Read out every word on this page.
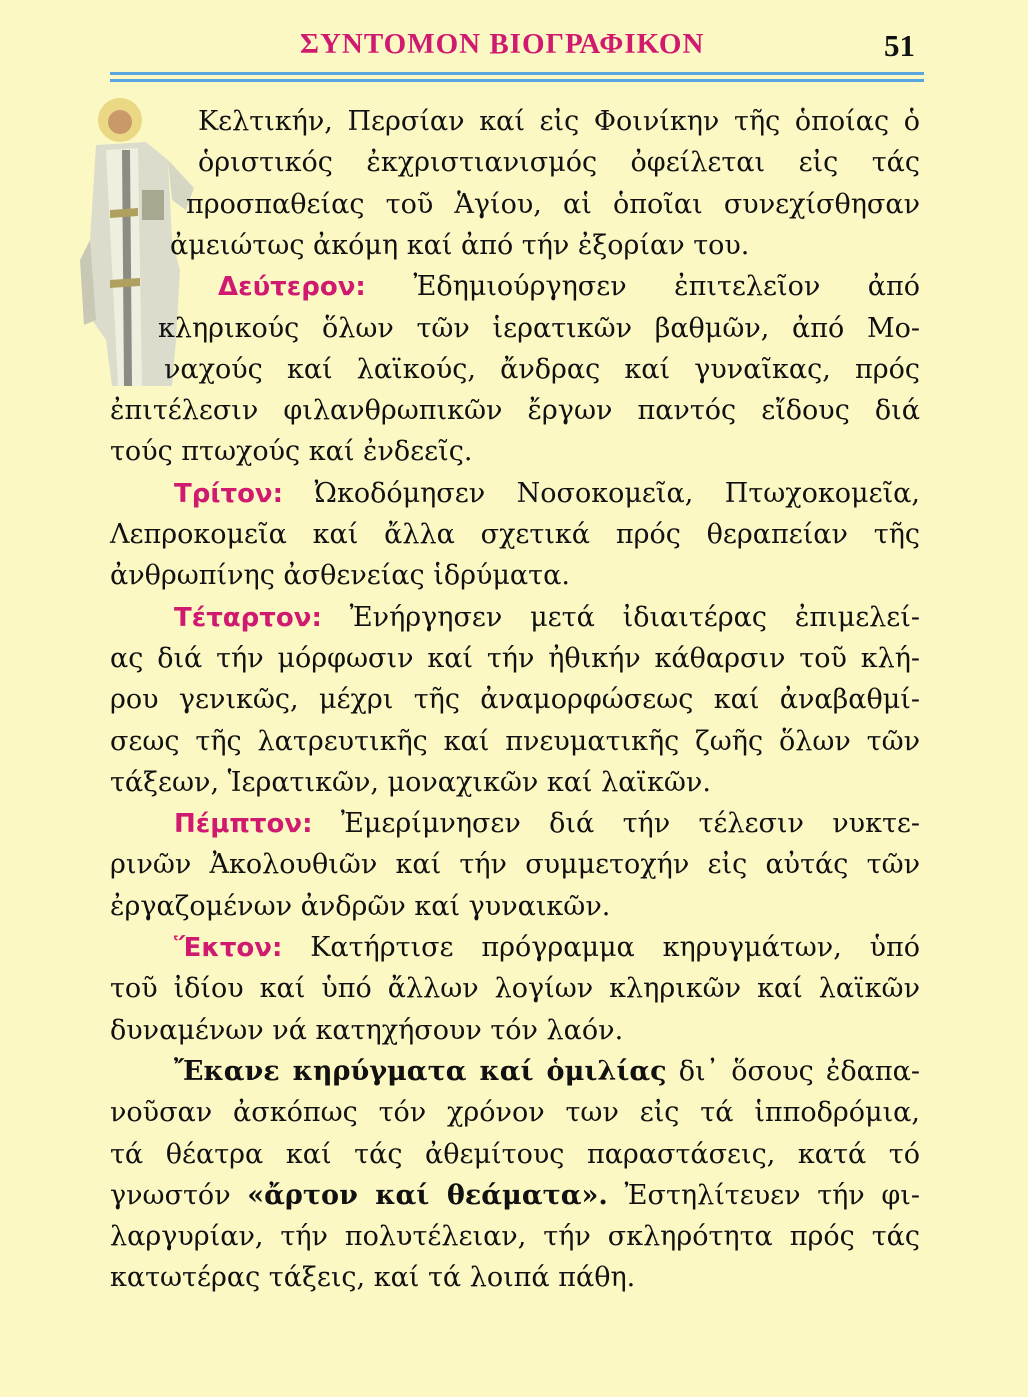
ΣΥΝΤΟΜΟΝ ΒΙΟΓΡΑΦΙΚΟΝ	51
Κελτικήν, Περσίαν καί εἰς Φοινίκην τῆς ὁποίας ὁ
ὁριστικός ἐκχριστιανισμός ὀφείλεται εἰς τάς
προσπαθείας τοῦ Ἁγίου, αἱ ὁποῖαι συνεχίσθησαν
ἀμειώτως ἀκόμη καί ἀπό τήν ἐξορίαν του.
Δεύτερον: Ἐδημιούργησεν ἐπιτελεῖον ἀπό
κληρικούς ὅλων τῶν ἱερατικῶν βαθμῶν, ἀπό Μο-
ναχούς καί λαϊκούς, ἄνδρας καί γυναῖκας, πρός
ἐπιτέλεσιν φιλανθρωπικῶν ἔργων παντός εἴδους διά
τούς πτωχούς καί ἐνδεεῖς.
Τρίτον: Ὠκοδόμησεν Νοσοκομεῖα, Πτωχοκομεῖα,
Λεπροκομεῖα καί ἄλλα σχετικά πρός θεραπείαν τῆς
ἀνθρωπίνης ἀσθενείας ἱδρύματα.
Τέταρτον: Ἐνήργησεν μετά ἰδιαιτέρας ἐπιμελεί-
ας διά τήν μόρφωσιν καί τήν ἠθικήν κάθαρσιν τοῦ κλή-
ρου γενικῶς, μέχρι τῆς ἀναμορφώσεως καί ἀναβαθμί-
σεως τῆς λατρευτικῆς καί πνευματικῆς ζωῆς ὅλων τῶν
τάξεων, Ἱερατικῶν, μοναχικῶν καί λαϊκῶν.
Πέμπτον: Ἐμερίμνησεν διά τήν τέλεσιν νυκτε-
ρινῶν Ἀκολουθιῶν καί τήν συμμετοχήν εἰς αὐτάς τῶν
ἐργαζομένων ἀνδρῶν καί γυναικῶν.
Ἕκτον: Κατήρτισε πρόγραμμα κηρυγμάτων, ὑπό
τοῦ ἰδίου καί ὑπό ἄλλων λογίων κληρικῶν καί λαϊκῶν
δυναμένων νά κατηχήσουν τόν λαόν.
Ἔκανε κηρύγματα καί ὁμιλίας δι᾽ ὅσους ἐδαπα-
νοῦσαν ἀσκόπως τόν χρόνον των εἰς τά ἱπποδρόμια,
τά θέατρα καί τάς ἀθεμίτους παραστάσεις, κατά τό
γνωστόν «ἄρτον καί θεάματα». Ἐστηλίτευεν τήν φι-
λαργυρίαν, τήν πολυτέλειαν, τήν σκληρότητα πρός τάς
κατωτέρας τάξεις, καί τά λοιπά πάθη.
